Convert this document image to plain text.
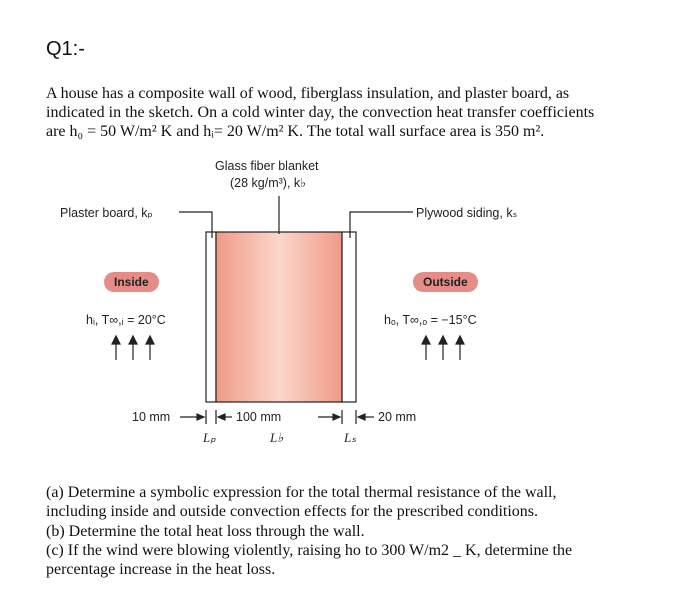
Q1:-

A house has a composite wall of wood, fiberglass insulation, and plaster board, as

indicated in the sketch. On a cold winter day, the convection heat transfer coefficients

are h₀ = 50 W/m² K and hᵢ= 20 W/m² K. The total wall surface area is 350 m².

Glass fiber blanket
(28 kg/m³), k♭
Plaster board, kₚ	Plywood siding, kₛ
Inside	Outside
hᵢ, T∞,ᵢ = 20°C	hₒ, T∞,ₒ = −15°C
10 mm	100 mm	20 mm
Lₚ	L♭	Lₛ
(a) Determine a symbolic expression for the total thermal resistance of the wall,
including inside and outside convection effects for the prescribed conditions.
(b) Determine the total heat loss through the wall.
(c) If the wind were blowing violently, raising ho to 300 W/m2 _ K, determine the
percentage increase in the heat loss.
